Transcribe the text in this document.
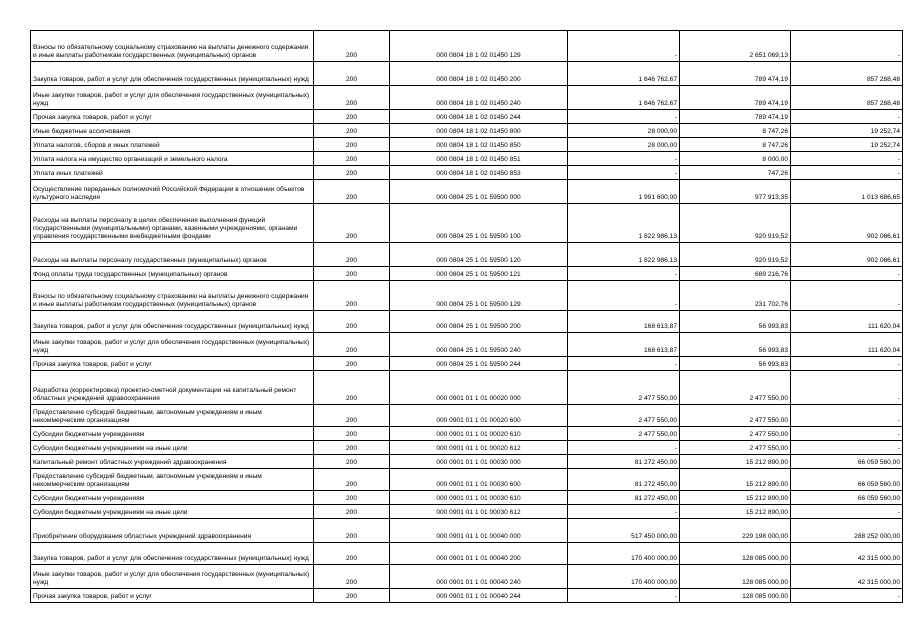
Взносы по обязательному социальному страхованию на выплаты денежного содержания и иные выплаты работникам государственных (муниципальных) органов	200	000 0804 18 1 02 01450 129	-	2 651 069,13	-
Закупка товаров, работ и услуг для обеспечения государственных (муниципальных) нужд	200	000 0804 18 1 02 01450 200	1 646 762,67	789 474,19	857 288,48
Иные закупки товаров, работ и услуг для обеспечения государственных (муниципальных) нужд	200	000 0804 18 1 02 01450 240	1 646 762,67	789 474,19	857 288,48
Прочая закупка товаров, работ и услуг	200	000 0804 18 1 02 01450 244	-	789 474,19	-
Иные бюджетные ассигнования	200	000 0804 18 1 02 01450 800	28 000,00	8 747,26	19 252,74
Уплата налогов, сборов и иных платежей	200	000 0804 18 1 02 01450 850	28 000,00	8 747,26	19 252,74
Уплата налога на имущество организаций и земельного налога	200	000 0804 18 1 02 01450 851	-	8 000,00	-
Уплата иных платежей	200	000 0804 18 1 02 01450 853	-	747,26	-
Осуществление переданных полномочий Российской Федерации в отношении объектов культурного наследия	200	000 0804 25 1 01 59500 000	1 991 600,00	977 913,35	1 013 686,65
Расходы на выплаты персоналу в целях обеспечения выполнения функций государственными (муниципальными) органами, казенными учреждениями, органами управления государственными внебюджетными фондами	200	000 0804 25 1 01 59500 100	1 822 986,13	920 919,52	902 066,61
Расходы на выплаты персоналу государственных (муниципальных) органов	200	000 0804 25 1 01 59500 120	1 822 986,13	920 919,52	902 066,61
Фонд оплаты труда государственных (муниципальных) органов	200	000 0804 25 1 01 59500 121	-	689 216,76	-
Взносы по обязательному социальному страхованию на выплаты денежного содержания и иные выплаты работникам государственных (муниципальных) органов	200	000 0804 25 1 01 59500 129	-	231 702,76	-
Закупка товаров, работ и услуг для обеспечения государственных (муниципальных) нужд	200	000 0804 25 1 01 59500 200	168 613,87	56 993,83	111 620,04
Иные закупки товаров, работ и услуг для обеспечения государственных (муниципальных) нужд	200	000 0804 25 1 01 59500 240	168 613,87	56 993,83	111 620,04
Прочая закупка товаров, работ и услуг	200	000 0804 25 1 01 59500 244	-	56 993,83	-
Разработка (корректировка) проектно-сметной документации на капитальный ремонт областных учреждений здравоохранения	200	000 0901 01 1 01 00020 000	2 477 550,00	2 477 550,00	-
Предоставление субсидий бюджетным, автономным учреждениям и иным некоммерческим организациям	200	000 0901 01 1 01 00020 600	2 477 550,00	2 477 550,00	-
Субсидии бюджетным учреждениям	200	000 0901 01 1 01 00020 610	2 477 550,00	2 477 550,00	-
Субсидии бюджетным учреждениям на иные цели	200	000 0901 01 1 01 00020 612	-	2 477 550,00	-
Капитальный ремонт областных учреждений здравоохранения	200	000 0901 01 1 01 00030 000	81 272 450,00	15 212 890,00	66 059 560,00
Предоставление субсидий бюджетным, автономным учреждениям и иным некоммерческим организациям	200	000 0901 01 1 01 00030 600	81 272 450,00	15 212 890,00	66 059 560,00
Субсидии бюджетным учреждениям	200	000 0901 01 1 01 00030 610	81 272 450,00	15 212 890,00	66 059 560,00
Субсидии бюджетным учреждениям на иные цели	200	000 0901 01 1 01 00030 612	-	15 212 890,00	-
Приобретение оборудования областных учреждений здравоохранения	200	000 0901 01 1 01 00040 000	517 450 000,00	229 198 000,00	288 252 000,00
Закупка товаров, работ и услуг для обеспечения государственных (муниципальных) нужд	200	000 0901 01 1 01 00040 200	170 400 000,00	128 085 000,00	42 315 000,00
Иные закупки товаров, работ и услуг для обеспечения государственных (муниципальных) нужд	200	000 0901 01 1 01 00040 240	170 400 000,00	128 085 000,00	42 315 000,00
Прочая закупка товаров, работ и услуг	200	000 0901 01 1 01 00040 244	-	128 085 000,00	-
